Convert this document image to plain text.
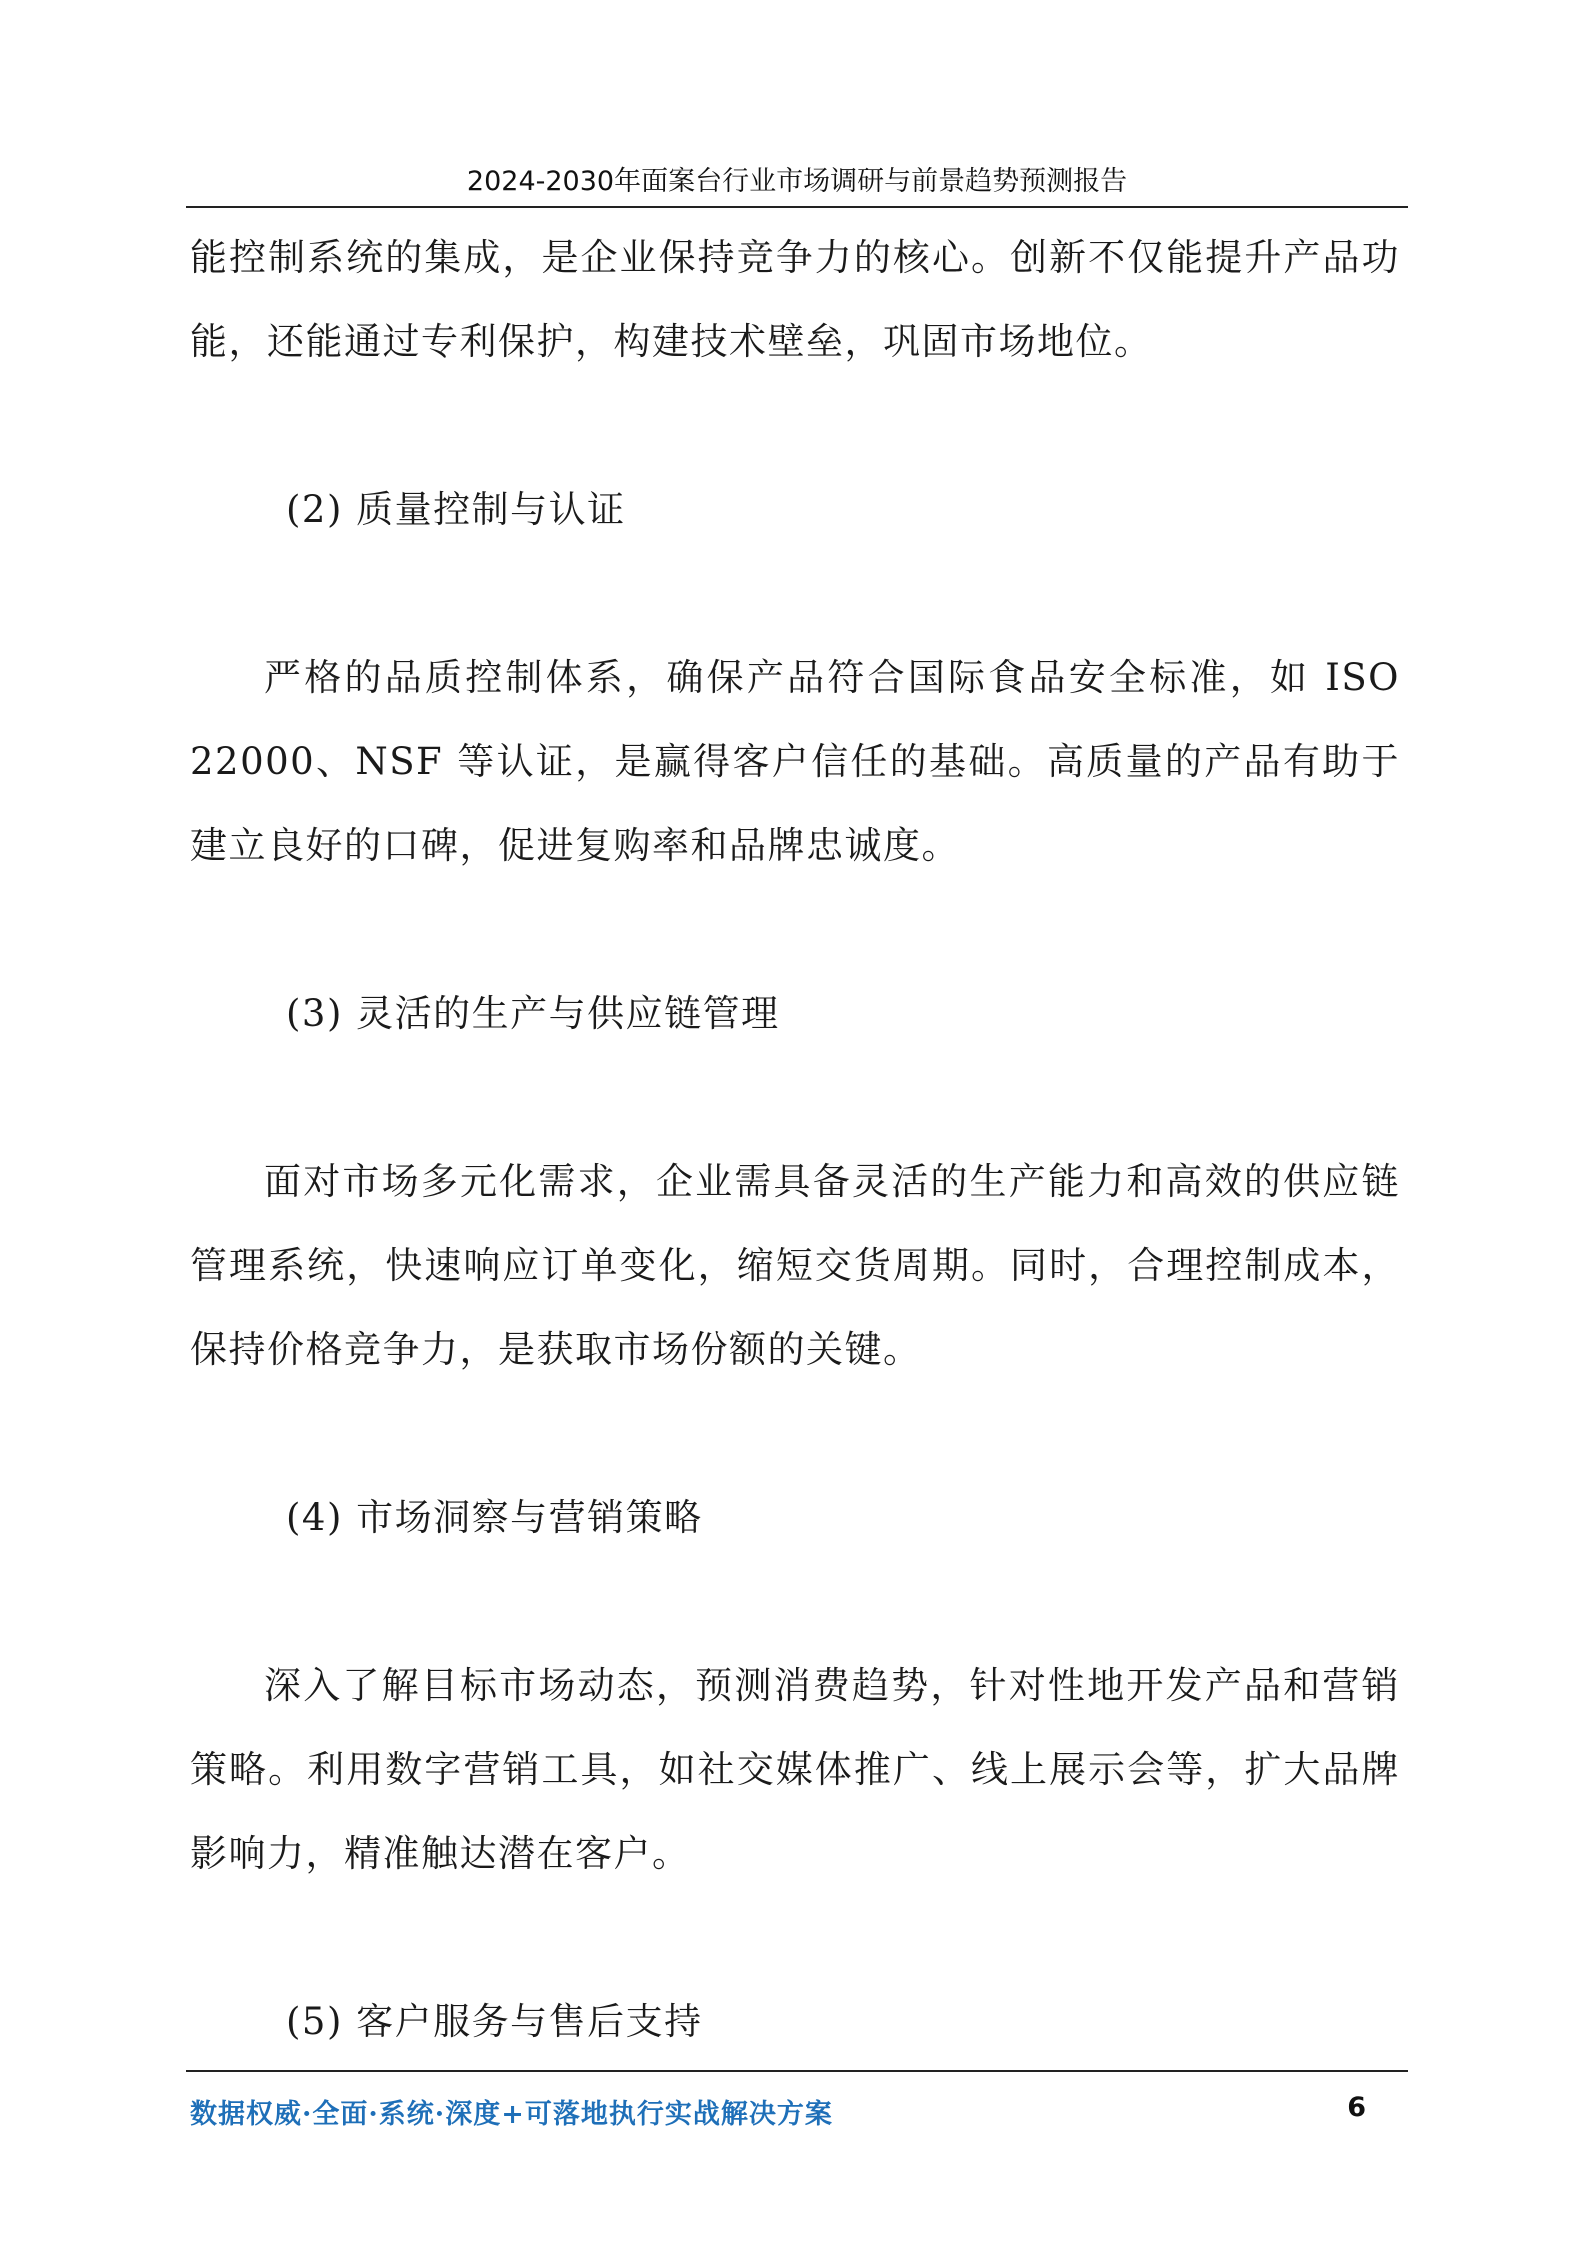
2024-2030年面案台行业市场调研与前景趋势预测报告

能控制系统的集成，是企业保持竞争力的核心。创新不仅能提升产品功能，还能通过专利保护，构建技术壁垒，巩固市场地位。

(2) 质量控制与认证

严格的品质控制体系，确保产品符合国际食品安全标准，如 ISO 22000、NSF 等认证，是赢得客户信任的基础。高质量的产品有助于建立良好的口碑，促进复购率和品牌忠诚度。

(3) 灵活的生产与供应链管理

面对市场多元化需求，企业需具备灵活的生产能力和高效的供应链管理系统，快速响应订单变化，缩短交货周期。同时，合理控制成本，保持价格竞争力，是获取市场份额的关键。

(4) 市场洞察与营销策略

深入了解目标市场动态，预测消费趋势，针对性地开发产品和营销策略。利用数字营销工具，如社交媒体推广、线上展示会等，扩大品牌影响力，精准触达潜在客户。

(5) 客户服务与售后支持

数据权威·全面·系统·深度+可落地执行实战解决方案	6
